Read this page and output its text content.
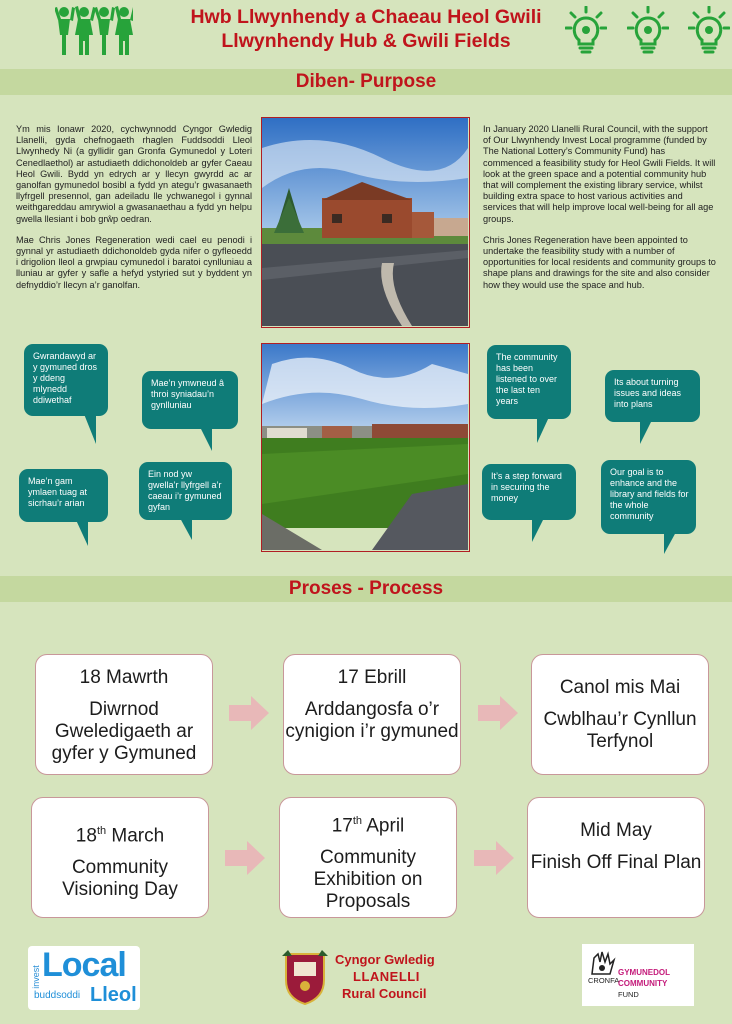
Hwb Llwynhendy a Chaeau Heol Gwili
Llwynhendy Hub & Gwili Fields
Diben- Purpose

Ym mis Ionawr 2020, cychwynnodd Cyngor Gwledig Llanelli, gyda chefnogaeth rhaglen Fuddsoddi Lleol Llwynhedy Ni (a gyllidir gan Gronfa Gymunedol y Loteri Cenedlaethol) ar astudiaeth ddichonoldeb ar gyfer Caeau Heol Gwili. Bydd yn edrych ar y llecyn gwyrdd ac ar ganolfan gymunedol bosibl a fydd yn ategu’r gwasanaeth llyfrgell presennol, gan adeiladu lle ychwanegol i gynnal weithgareddau amrywiol a gwasanaethau a fydd yn helpu gwella llesiant i bob grŵp oedran.

Mae Chris Jones Regeneration wedi cael eu penodi i gynnal yr astudiaeth ddichonoldeb gyda nifer o gyfleoedd i drigolion lleol a grwpiau cymunedol i baratoi cynlluniau a lluniau ar gyfer y safle a hefyd ystyried sut y byddent yn defnyddio’r llecyn a’r ganolfan.

In January 2020 Llanelli Rural Council, with the support of Our Llwynhendy Invest Local programme (funded by The National Lottery’s Community Fund) has commenced a feasibility study for Heol Gwili Fields. It will look at the green space and a potential community hub that will complement the existing library service, whilst building extra space to host various activities and services that will help improve local well-being for all age groups.

Chris Jones Regeneration have been appointed to undertake the feasibility study with a number of opportunities for local residents and community groups to shape plans and drawings for the site and also consider how they would use the space and hub.

Gwrandawyd ar y gymuned dros y ddeng mlynedd ddiwethaf
Mae’n ymwneud â throi syniadau’n gynlluniau
Mae’n gam ymlaen tuag at sicrhau’r arian
Ein nod yw gwella’r llyfrgell a’r caeau i’r gymuned gyfan
The community has been listened to over the last ten years
Its about turning issues and ideas into plans
It’s a step forward in securing the money
Our goal is to enhance and the library and fields for the whole community
Proses - Process
18 Mawrth
Diwrnod Gweledigaeth ar gyfer y Gymuned
17 Ebrill
Arddangosfa o’r cynigion i’r gymuned
Canol mis Mai
Cwblhau’r Cynllun Terfynol
18th March
Community Visioning Day
17th April
Community Exhibition on Proposals
Mid May
Finish Off Final Plan
invest Local
buddsoddi Lleol
Cyngor Gwledig
LLANELLI
Rural Council
CRONFA
GYMUNEDOL
COMMUNITY
FUND
